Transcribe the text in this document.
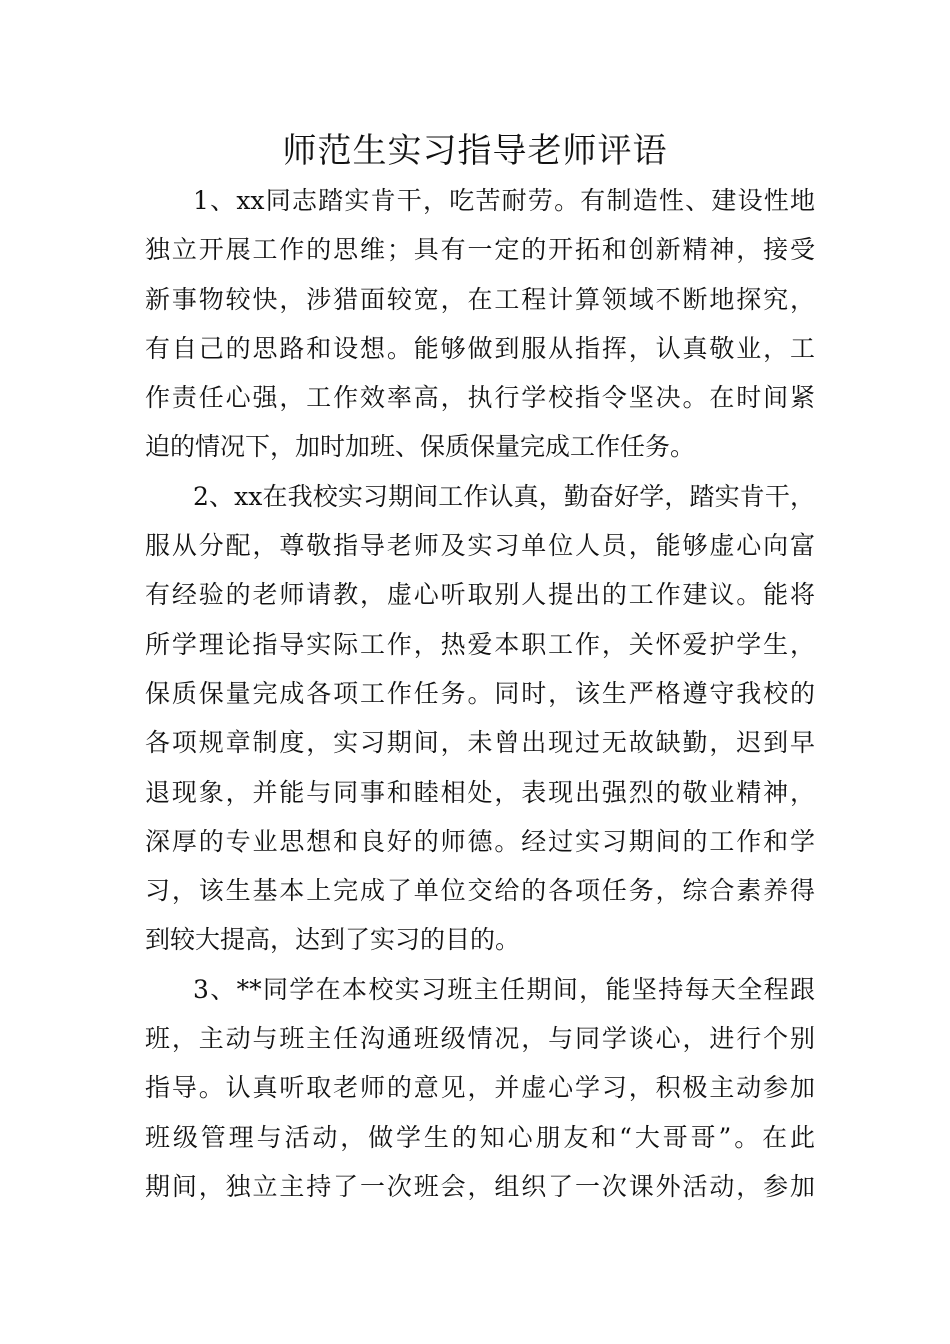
师范生实习指导老师评语

1、xx同志踏实肯干，吃苦耐劳。有制造性、建设性地
独立开展工作的思维；具有一定的开拓和创新精神，接受
新事物较快，涉猎面较宽，在工程计算领域不断地探究，
有自己的思路和设想。能够做到服从指挥，认真敬业，工
作责任心强，工作效率高，执行学校指令坚决。在时间紧
迫的情况下，加时加班、保质保量完成工作任务。

2、xx在我校实习期间工作认真，勤奋好学，踏实肯干，
服从分配，尊敬指导老师及实习单位人员，能够虚心向富
有经验的老师请教，虚心听取别人提出的工作建议。能将
所学理论指导实际工作，热爱本职工作，关怀爱护学生，
保质保量完成各项工作任务。同时，该生严格遵守我校的
各项规章制度，实习期间，未曾出现过无故缺勤，迟到早
退现象，并能与同事和睦相处，表现出强烈的敬业精神，
深厚的专业思想和良好的师德。经过实习期间的工作和学
习，该生基本上完成了单位交给的各项任务，综合素养得
到较大提高，达到了实习的目的。

3、**同学在本校实习班主任期间，能坚持每天全程跟
班，主动与班主任沟通班级情况，与同学谈心，进行个别
指导。认真听取老师的意见，并虚心学习，积极主动参加
班级管理与活动，做学生的知心朋友和“大哥哥”。在此
期间，独立主持了一次班会，组织了一次课外活动，参加
